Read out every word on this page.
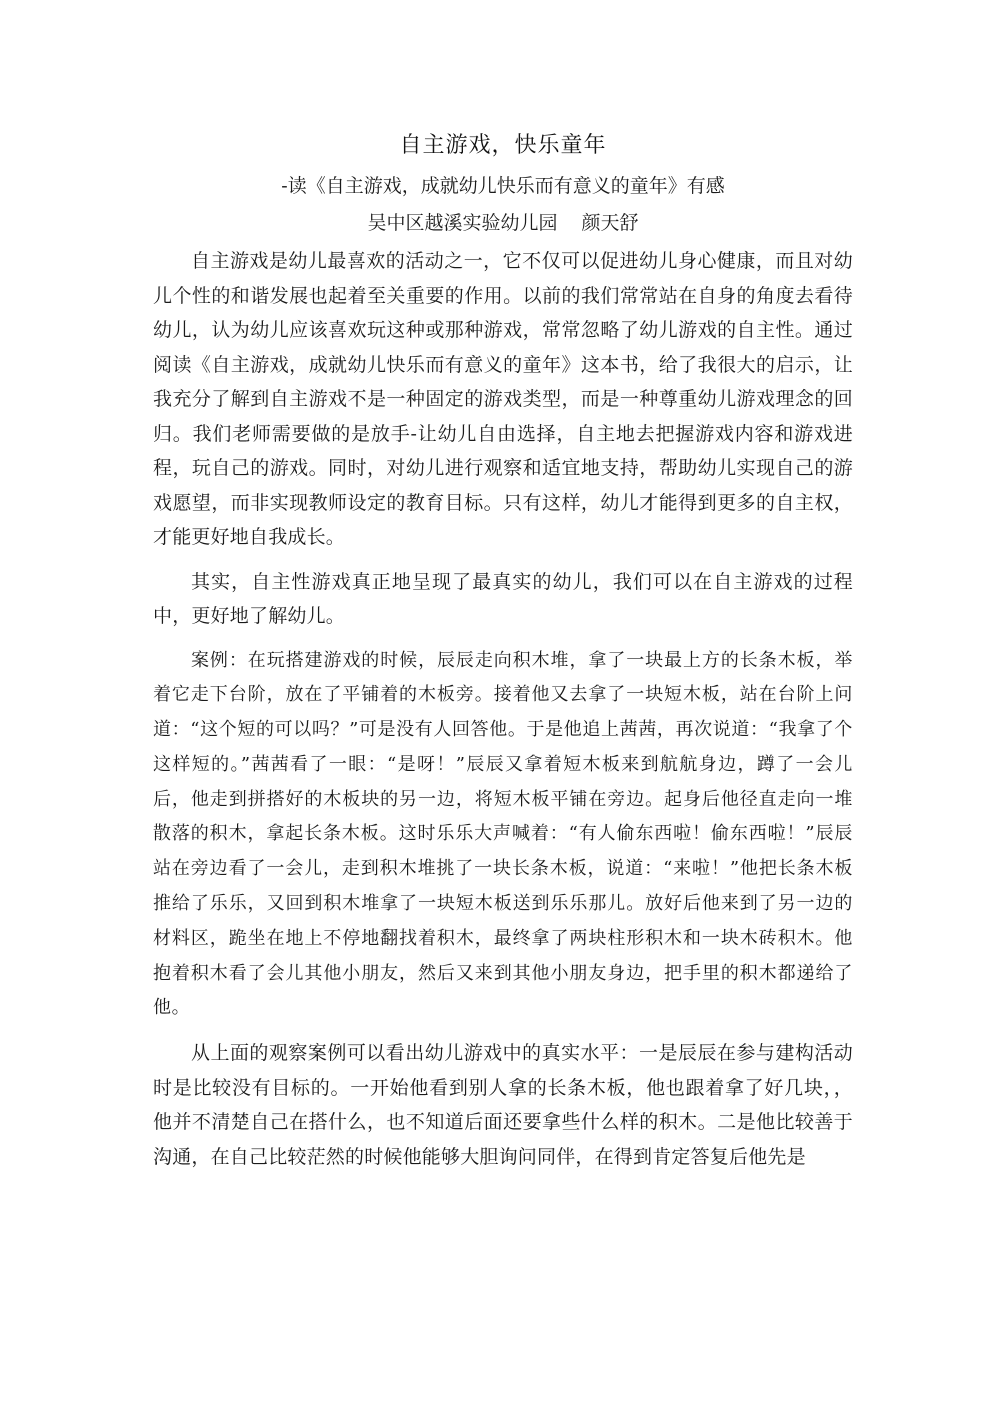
自主游戏，快乐童年
-读《自主游戏，成就幼儿快乐而有意义的童年》有感
吴中区越溪实验幼儿园 颜天舒

自主游戏是幼儿最喜欢的活动之一，它不仅可以促进幼儿身心健康，而且对幼儿个性的和谐发展也起着至关重要的作用。以前的我们常常站在自身的角度去看待幼儿，认为幼儿应该喜欢玩这种或那种游戏，常常忽略了幼儿游戏的自主性。通过阅读《自主游戏，成就幼儿快乐而有意义的童年》这本书，给了我很大的启示，让我充分了解到自主游戏不是一种固定的游戏类型，而是一种尊重幼儿游戏理念的回归。我们老师需要做的是放手-让幼儿自由选择，自主地去把握游戏内容和游戏进程，玩自己的游戏。同时，对幼儿进行观察和适宜地支持，帮助幼儿实现自己的游戏愿望，而非实现教师设定的教育目标。只有这样，幼儿才能得到更多的自主权，才能更好地自我成长。

其实，自主性游戏真正地呈现了最真实的幼儿，我们可以在自主游戏的过程中，更好地了解幼儿。

案例：在玩搭建游戏的时候，辰辰走向积木堆，拿了一块最上方的长条木板，举着它走下台阶，放在了平铺着的木板旁。接着他又去拿了一块短木板，站在台阶上问道：“这个短的可以吗？”可是没有人回答他。于是他追上茜茜，再次说道：“我拿了个这样短的。”茜茜看了一眼：“是呀！”辰辰又拿着短木板来到航航身边，蹲了一会儿后，他走到拼搭好的木板块的另一边，将短木板平铺在旁边。起身后他径直走向一堆散落的积木，拿起长条木板。这时乐乐大声喊着：“有人偷东西啦！偷东西啦！”辰辰站在旁边看了一会儿，走到积木堆挑了一块长条木板，说道：“来啦！”他把长条木板推给了乐乐，又回到积木堆拿了一块短木板送到乐乐那儿。放好后他来到了另一边的材料区，跪坐在地上不停地翻找着积木，最终拿了两块柱形积木和一块木砖积木。他抱着积木看了会儿其他小朋友，然后又来到其他小朋友身边，把手里的积木都递给了他。

从上面的观察案例可以看出幼儿游戏中的真实水平：一是辰辰在参与建构活动时是比较没有目标的。一开始他看到别人拿的长条木板，他也跟着拿了好几块，，他并不清楚自己在搭什么，也不知道后面还要拿些什么样的积木。二是他比较善于沟通，在自己比较茫然的时候他能够大胆询问同伴，在得到肯定答复后他先是
